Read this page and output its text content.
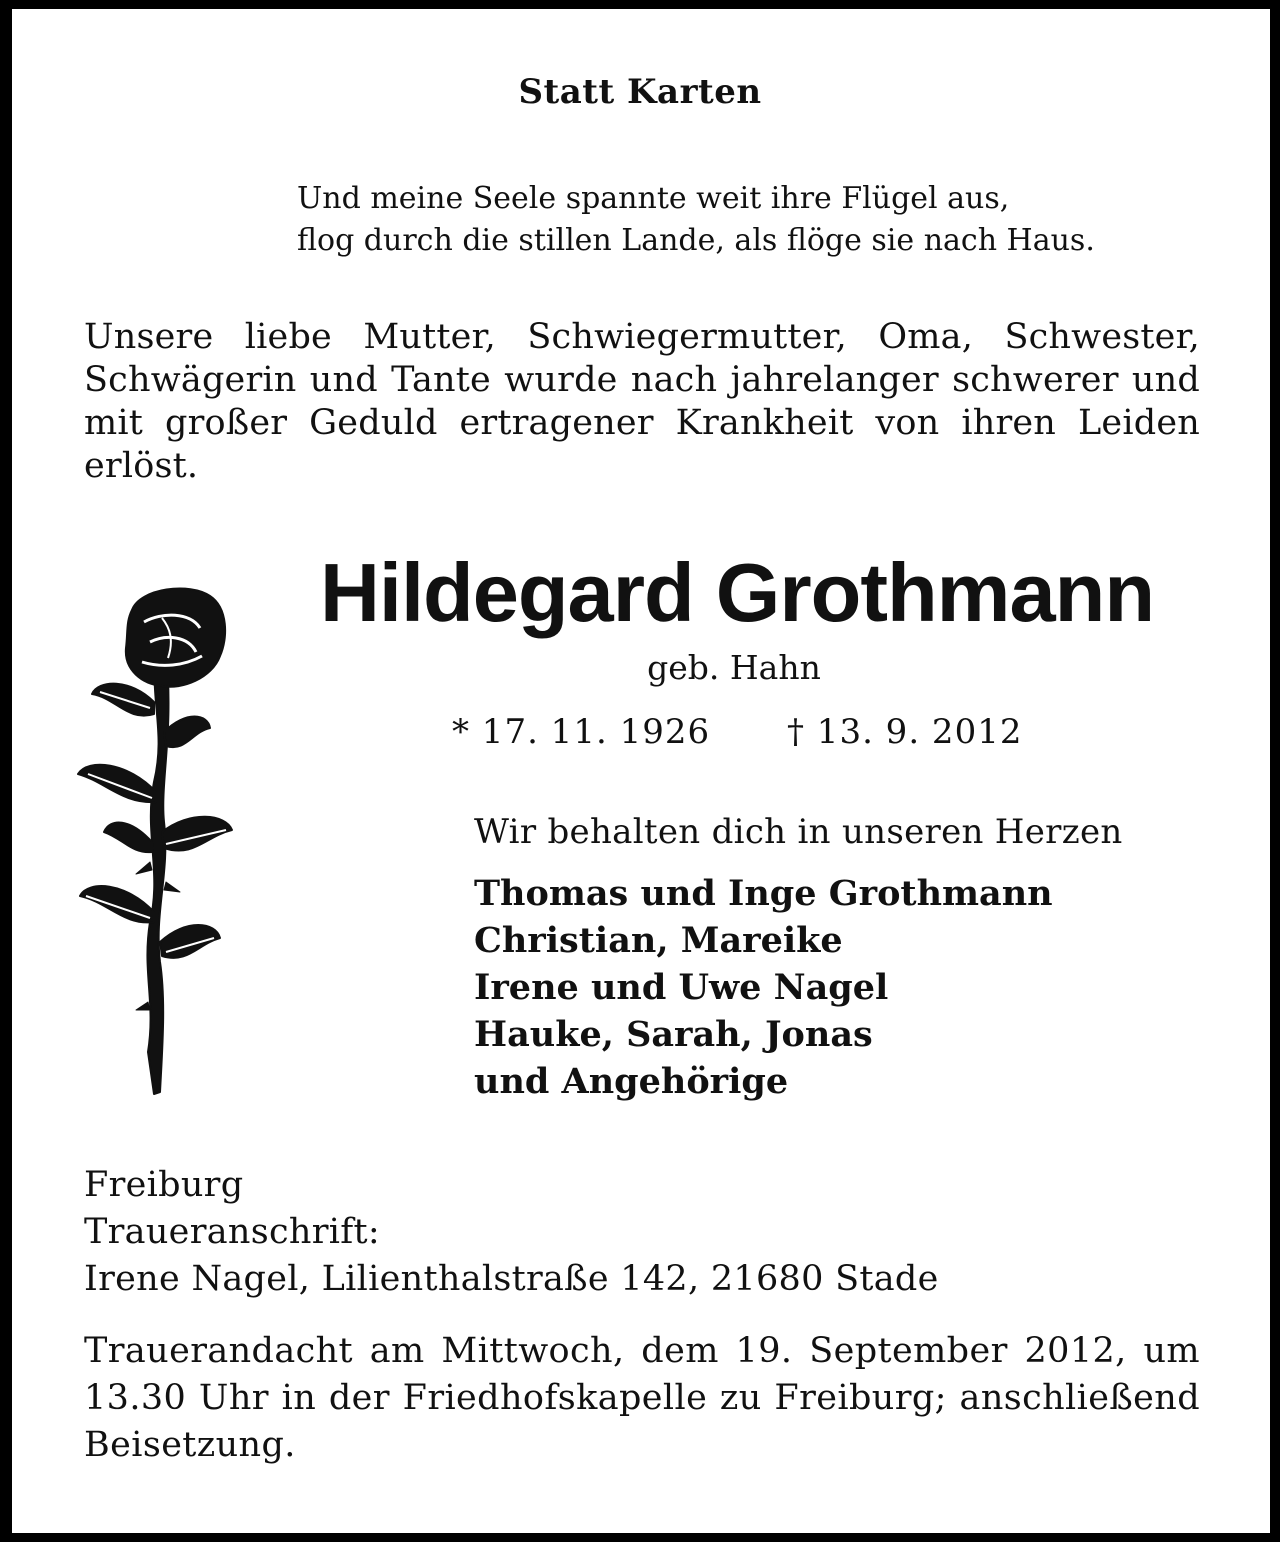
Statt Karten
Und meine Seele spannte weit ihre Flügel aus,
flog durch die stillen Lande, als flöge sie nach Haus.
Unsere liebe Mutter, Schwiegermutter, Oma, Schwester, Schwägerin und Tante wurde nach jahrelanger schwerer und mit großer Geduld ertragener Krankheit von ihren Leiden erlöst.
Hildegard Grothmann
geb. Hahn
* 17. 11. 1926 † 13. 9. 2012
Wir behalten dich in unseren Herzen
Thomas und Inge Grothmann
Christian, Mareike
Irene und Uwe Nagel
Hauke, Sarah, Jonas
und Angehörige
Freiburg
Traueranschrift:
Irene Nagel, Lilienthalstraße 142, 21680 Stade
Trauerandacht am Mittwoch, dem 19. September 2012, um 13.30 Uhr in der Friedhofskapelle zu Freiburg; anschließend Beisetzung.
